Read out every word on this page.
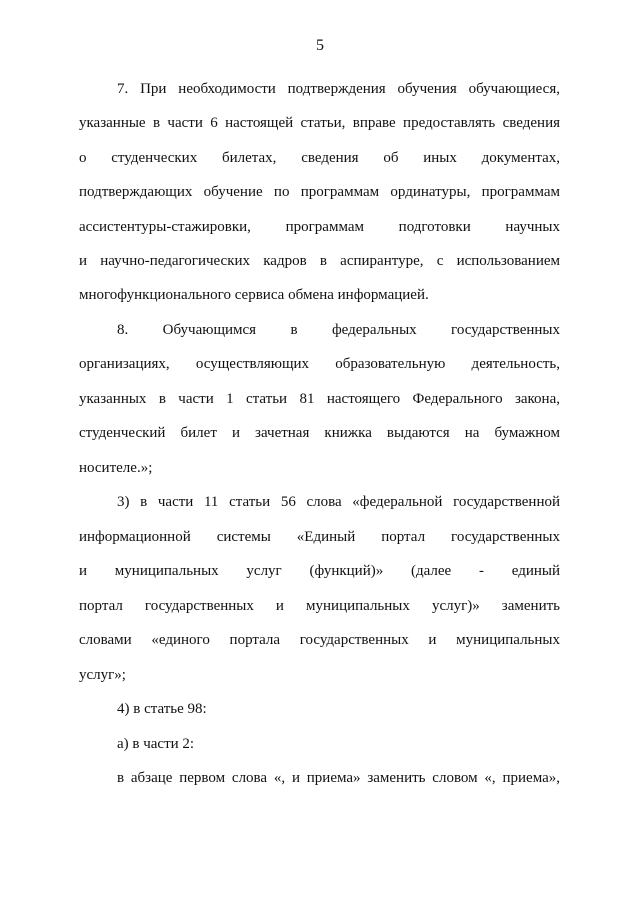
5
7. При необходимости подтверждения обучения обучающиеся,
указанные в части 6 настоящей статьи, вправе предоставлять сведения
о студенческих билетах, сведения об иных документах,
подтверждающих обучение по программам ординатуры, программам
ассистентуры-стажировки, программам подготовки научных
и научно-педагогических кадров в аспирантуре, с использованием
многофункционального сервиса обмена информацией.
8. Обучающимся в федеральных государственных
организациях, осуществляющих образовательную деятельность,
указанных в части 1 статьи 81 настоящего Федерального закона,
студенческий билет и зачетная книжка выдаются на бумажном
носителе.»;
3) в части 11 статьи 56 слова «федеральной государственной
информационной системы «Единый портал государственных
и муниципальных услуг (функций)» (далее - единый
портал государственных и муниципальных услуг)» заменить
словами «единого портала государственных и муниципальных
услуг»;
4) в статье 98:
а) в части 2:
в абзаце первом слова «, и приема» заменить словом «, приема»,
